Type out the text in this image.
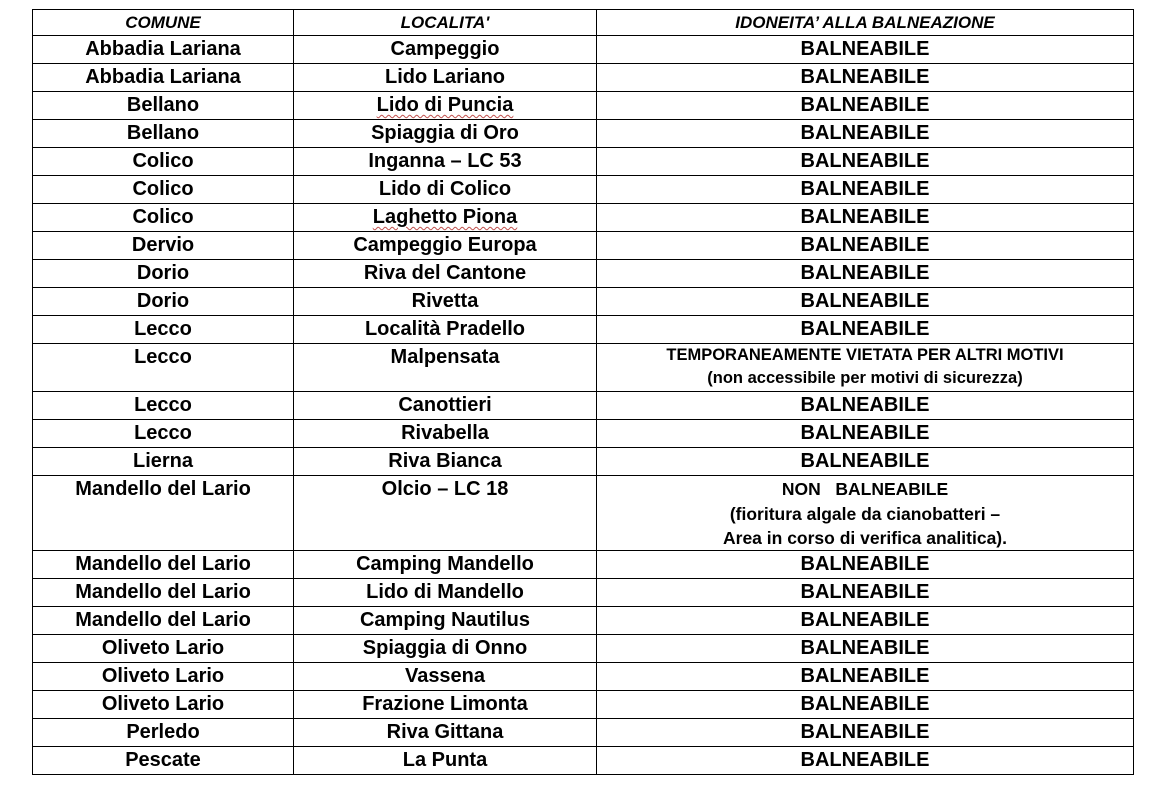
COMUNE	LOCALITA'	IDONEITA’ ALLA BALNEAZIONE
Abbadia Lariana	Campeggio	BALNEABILE
Abbadia Lariana	Lido Lariano	BALNEABILE
Bellano	Lido di Puncia	BALNEABILE
Bellano	Spiaggia di Oro	BALNEABILE
Colico	Inganna – LC 53	BALNEABILE
Colico	Lido di Colico	BALNEABILE
Colico	Laghetto Piona	BALNEABILE
Dervio	Campeggio Europa	BALNEABILE
Dorio	Riva del Cantone	BALNEABILE
Dorio	Rivetta	BALNEABILE
Lecco	Località Pradello	BALNEABILE
Lecco	Malpensata	TEMPORANEAMENTE VIETATA PER ALTRI MOTIVI
(non accessibile per motivi di sicurezza)

Lecco	Canottieri	BALNEABILE
Lecco	Rivabella	BALNEABILE
Lierna	Riva Bianca	BALNEABILE
Mandello del Lario	Olcio – LC 18	NON   BALNEABILE
(fioritura algale da cianobatteri –
Area in corso di verifica analitica).

Mandello del Lario	Camping Mandello	BALNEABILE
Mandello del Lario	Lido di Mandello	BALNEABILE
Mandello del Lario	Camping Nautilus	BALNEABILE
Oliveto Lario	Spiaggia di Onno	BALNEABILE
Oliveto Lario	Vassena	BALNEABILE
Oliveto Lario	Frazione Limonta	BALNEABILE
Perledo	Riva Gittana	BALNEABILE
Pescate	La Punta	BALNEABILE
